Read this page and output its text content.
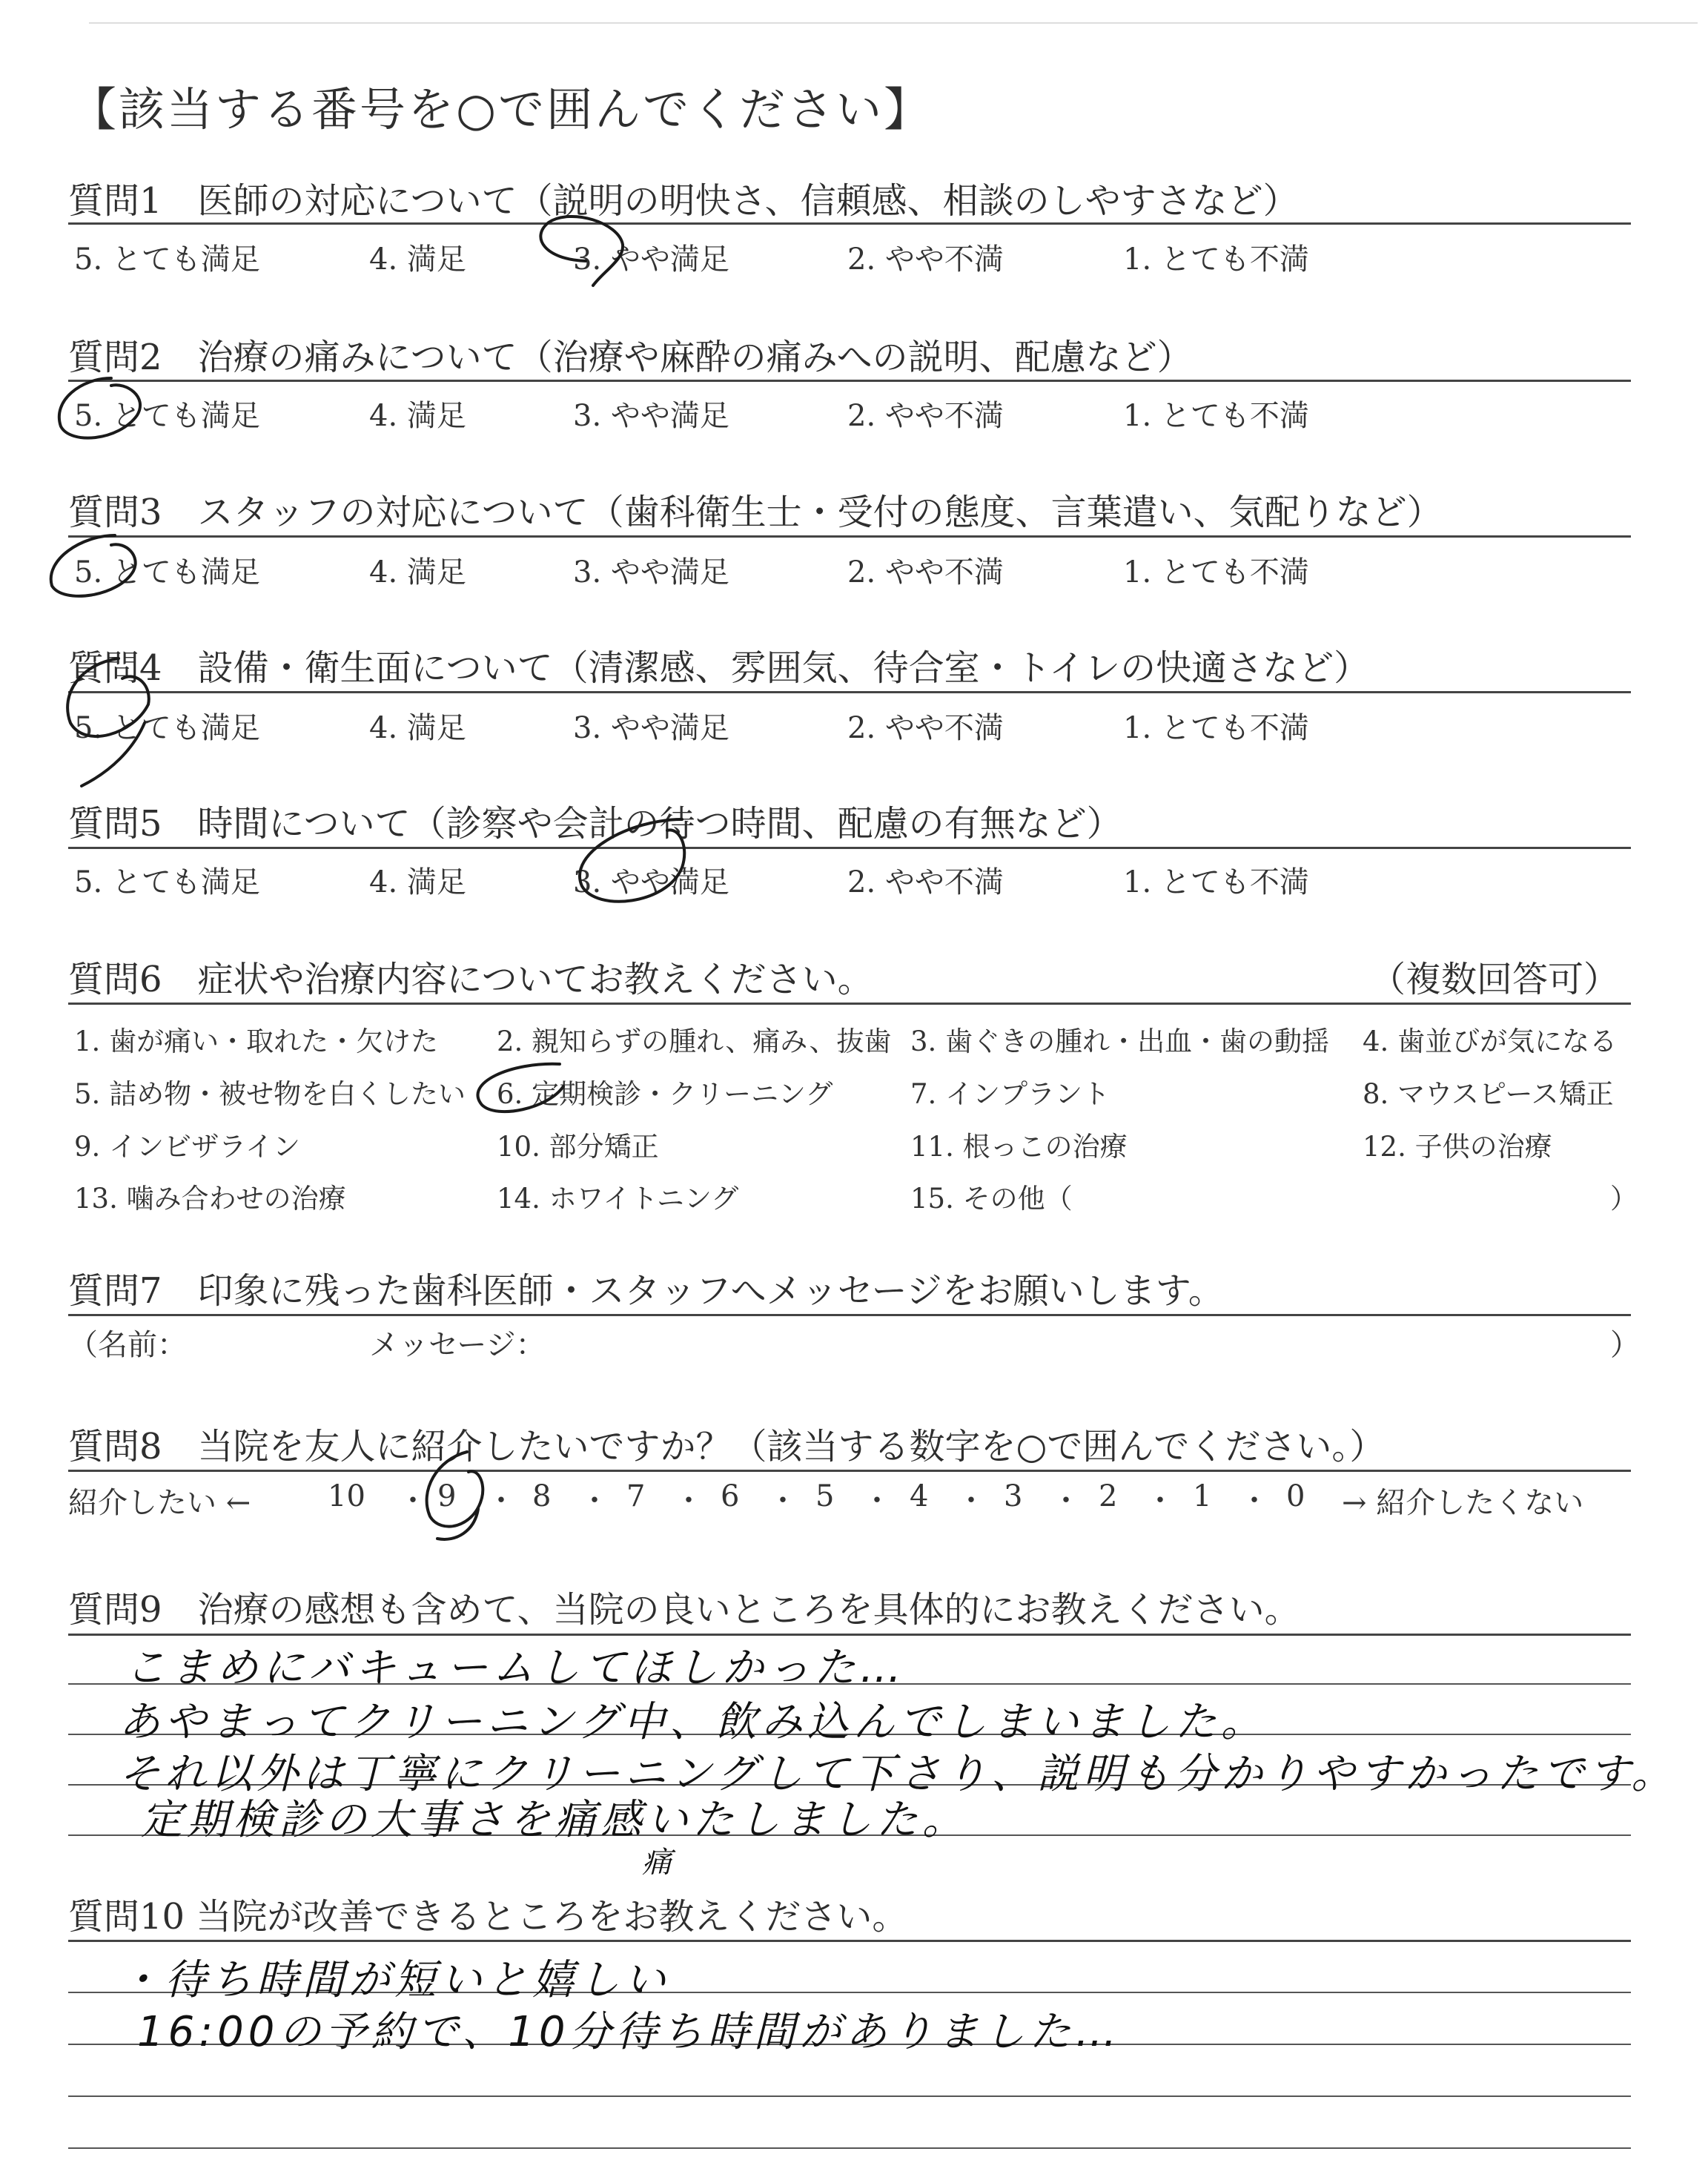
【該当する番号を○で囲んでください】
質問1　医師の対応について（説明の明快さ、信頼感、相談のしやすさなど）
5. とても満足	4. 満足	3. やや満足	2. やや不満	1. とても不満
質問2　治療の痛みについて（治療や麻酔の痛みへの説明、配慮など）
5. とても満足	4. 満足	3. やや満足	2. やや不満	1. とても不満
質問3　スタッフの対応について（歯科衛生士・受付の態度、言葉遣い、気配りなど）
5. とても満足	4. 満足	3. やや満足	2. やや不満	1. とても不満
質問4　設備・衛生面について（清潔感、雰囲気、待合室・トイレの快適さなど）
5. とても満足	4. 満足	3. やや満足	2. やや不満	1. とても不満
質問5　時間について（診察や会計の待つ時間、配慮の有無など）
5. とても満足	4. 満足	3. やや満足	2. やや不満	1. とても不満
質問6　症状や治療内容についてお教えください。	（複数回答可）
1. 歯が痛い・取れた・欠けた 2. 親知らずの腫れ、痛み、抜歯 3. 歯ぐきの腫れ・出血・歯の動揺 4. 歯並びが気になる
5. 詰め物・被せ物を白くしたい 6. 定期検診・クリーニング	7. インプラント	8. マウスピース矯正
9. インビザライン	10. 部分矯正	11. 根っこの治療	12. 子供の治療
13. 噛み合わせの治療	14. ホワイトニング	15. その他（	）
質問7　印象に残った歯科医師・スタッフへメッセージをお願いします。
（名前：	メッセージ：	）
質問8　当院を友人に紹介したいですか？（該当する数字を○で囲んでください。）
紹介したい ←	→ 紹介したくない
10 9	8	7	6	5	4	3	2	1	0
・ ・ ・ ・ ・ ・ ・ ・ ・ ・
質問9　治療の感想も含めて、当院の良いところを具体的にお教えください。
こまめにバキュームしてほしかった…
あやまってクリーニング中、飲み込んでしまいました。
それ以外は丁寧にクリーニングして下さり、説明も分かりやすかったです。
定期検診の大事さを痛感いたしました。
痛
質問10 当院が改善できるところをお教えください。
・待ち時間が短いと嬉しい
16:00の予約で、10分待ち時間がありました…
